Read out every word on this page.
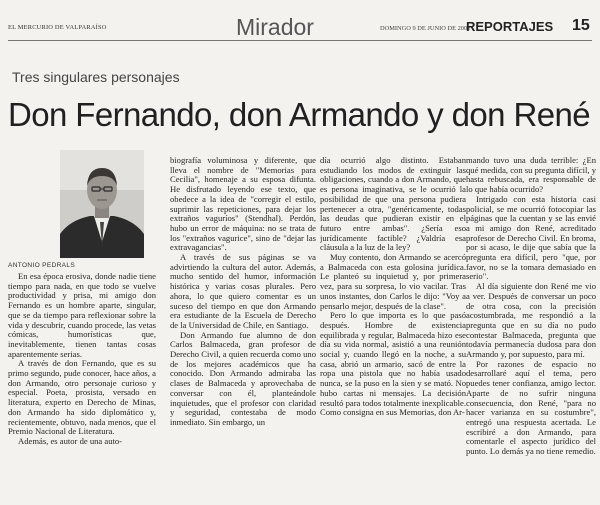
EL MERCURIO DE VALPARAÍSO	Mirador	DOMINGO 9 DE JUNIO DE 2002
REPORTAJES 15
Tres singulares personajes
Don Fernando, don Armando y don René
ANTONIO PEDRALS

En esa época erosiva, donde nadie tiene tiempo para nada, en que todo se vuelve productividad y prisa, mi amigo don Fernando es un hombre aparte, singular, que se da tiempo para reflexionar sobre la vida y descubrir, cuando procede, las vetas cómicas, humorísticas que, inevitablemente, tienen tantas cosas aparentemente serias.

A través de don Fernando, que es su primo segundo, pude conocer, hace años, a don Armando, otro personaje curioso y especial. Poeta, prosista, versado en literatura, experto en Derecho de Minas, don Armando ha sido diplomático y, recientemente, obtuvo, nada menos, que el Premio Nacional de Literatura.

Además, es autor de una auto-

biografía voluminosa y diferente, que lleva el nombre de "Memorias para Cecilia", homenaje a su esposa difunta. He disfrutado leyendo ese texto, que obedece a la idea de "corregir el estilo, suprimir las repeticiones, para dejar los extraños vaguríos" (Stendhal). Perdón, hubo un error de máquina: no se trata de los "extraños vagurice", sino de "dejar las extravagancias".

A través de sus páginas se va advirtiendo la cultura del autor. Además, mucho sentido del humor, información histórica y varias cosas plurales. Pero ahora, lo que quiero comentar es un suceso del tiempo en que don Armando era estudiante de la Escuela de Derecho de la Universidad de Chile, en Santiago.

Don Armando fue alumno de don Carlos Balmaceda, gran profesor de Derecho Civil, a quien recuerda como uno de los mejores académicos que ha conocido. Don Armando admiraba las clases de Balmaceda y aprovechaba de conversar con él, planteándole inquietudes, que el profesor con claridad y seguridad, contestaba de modo inmediato. Sin embargo, un

día ocurrió algo distinto. Estaban estudiando los modos de extinguir las obligaciones, cuando a don Armando, que es persona imaginativa, se le ocurrió la posibilidad de que una persona pudiera pertenecer a otra, "genéricamente, todas las deudas que pudieran existir en el futuro entre ambas". ¿Sería eso jurídicamente factible? ¿Valdría esa cláusula a la luz de la ley?

Muy contento, don Armando se acercó a Balmaceda con esta golosina jurídica. Le planteó su inquietud y, por primera vez, para su sorpresa, lo vio vacilar. Tras unos instantes, don Carlos le dijo: "Voy a pensarlo mejor, después de la clase".

Pero lo que importa es lo que pasó después. Hombre de existencia equilibrada y regular, Balmaceda hizo ese día su vida normal, asistió a una reunión social y, cuando llegó en la noche, a su casa, abrió un armario, sacó de entre la ropa una pistola que no había usado nunca, se la puso en la sien y se mató. No hubo cartas ni mensajes. La decisión resultó para todos totalmente inexplicable. Como consigna en sus Memorias, don Ar-

mando tuvo una duda terrible: ¿En qué medida, con su pregunta difícil, y hasta rebuscada, era responsable de lo que había ocurrido?

Intrigado con esta historia casi policial, se me ocurrió fotocopiar las páginas que la cuentan y se las envié a mi amigo don René, acreditado profesor de Derecho Civil. En broma, por si acaso, le dije que sabía que la pregunta era difícil, pero "que, por favor, no se la tomara demasiado en serio".

Al día siguiente don René me vio a ver. Después de conversar un poco de otra cosa, con la precisión acostumbrada, me respondió a la pregunta que en su día no pudo contestar Balmaceda, pregunta que todavía permanecía dudosa para don Armando y, por supuesto, para mí.

Por razones de espacio no desarrollaré aquí el tema, pero puedes tener confianza, amigo lector. Aparte de no sufrir ninguna consecuencia, don René, "para no hacer varianza en su costumbre", entregó una respuesta acertada. Le escribiré a don Armando, para comentarle el aspecto jurídico del punto. Lo demás ya no tiene remedio.
